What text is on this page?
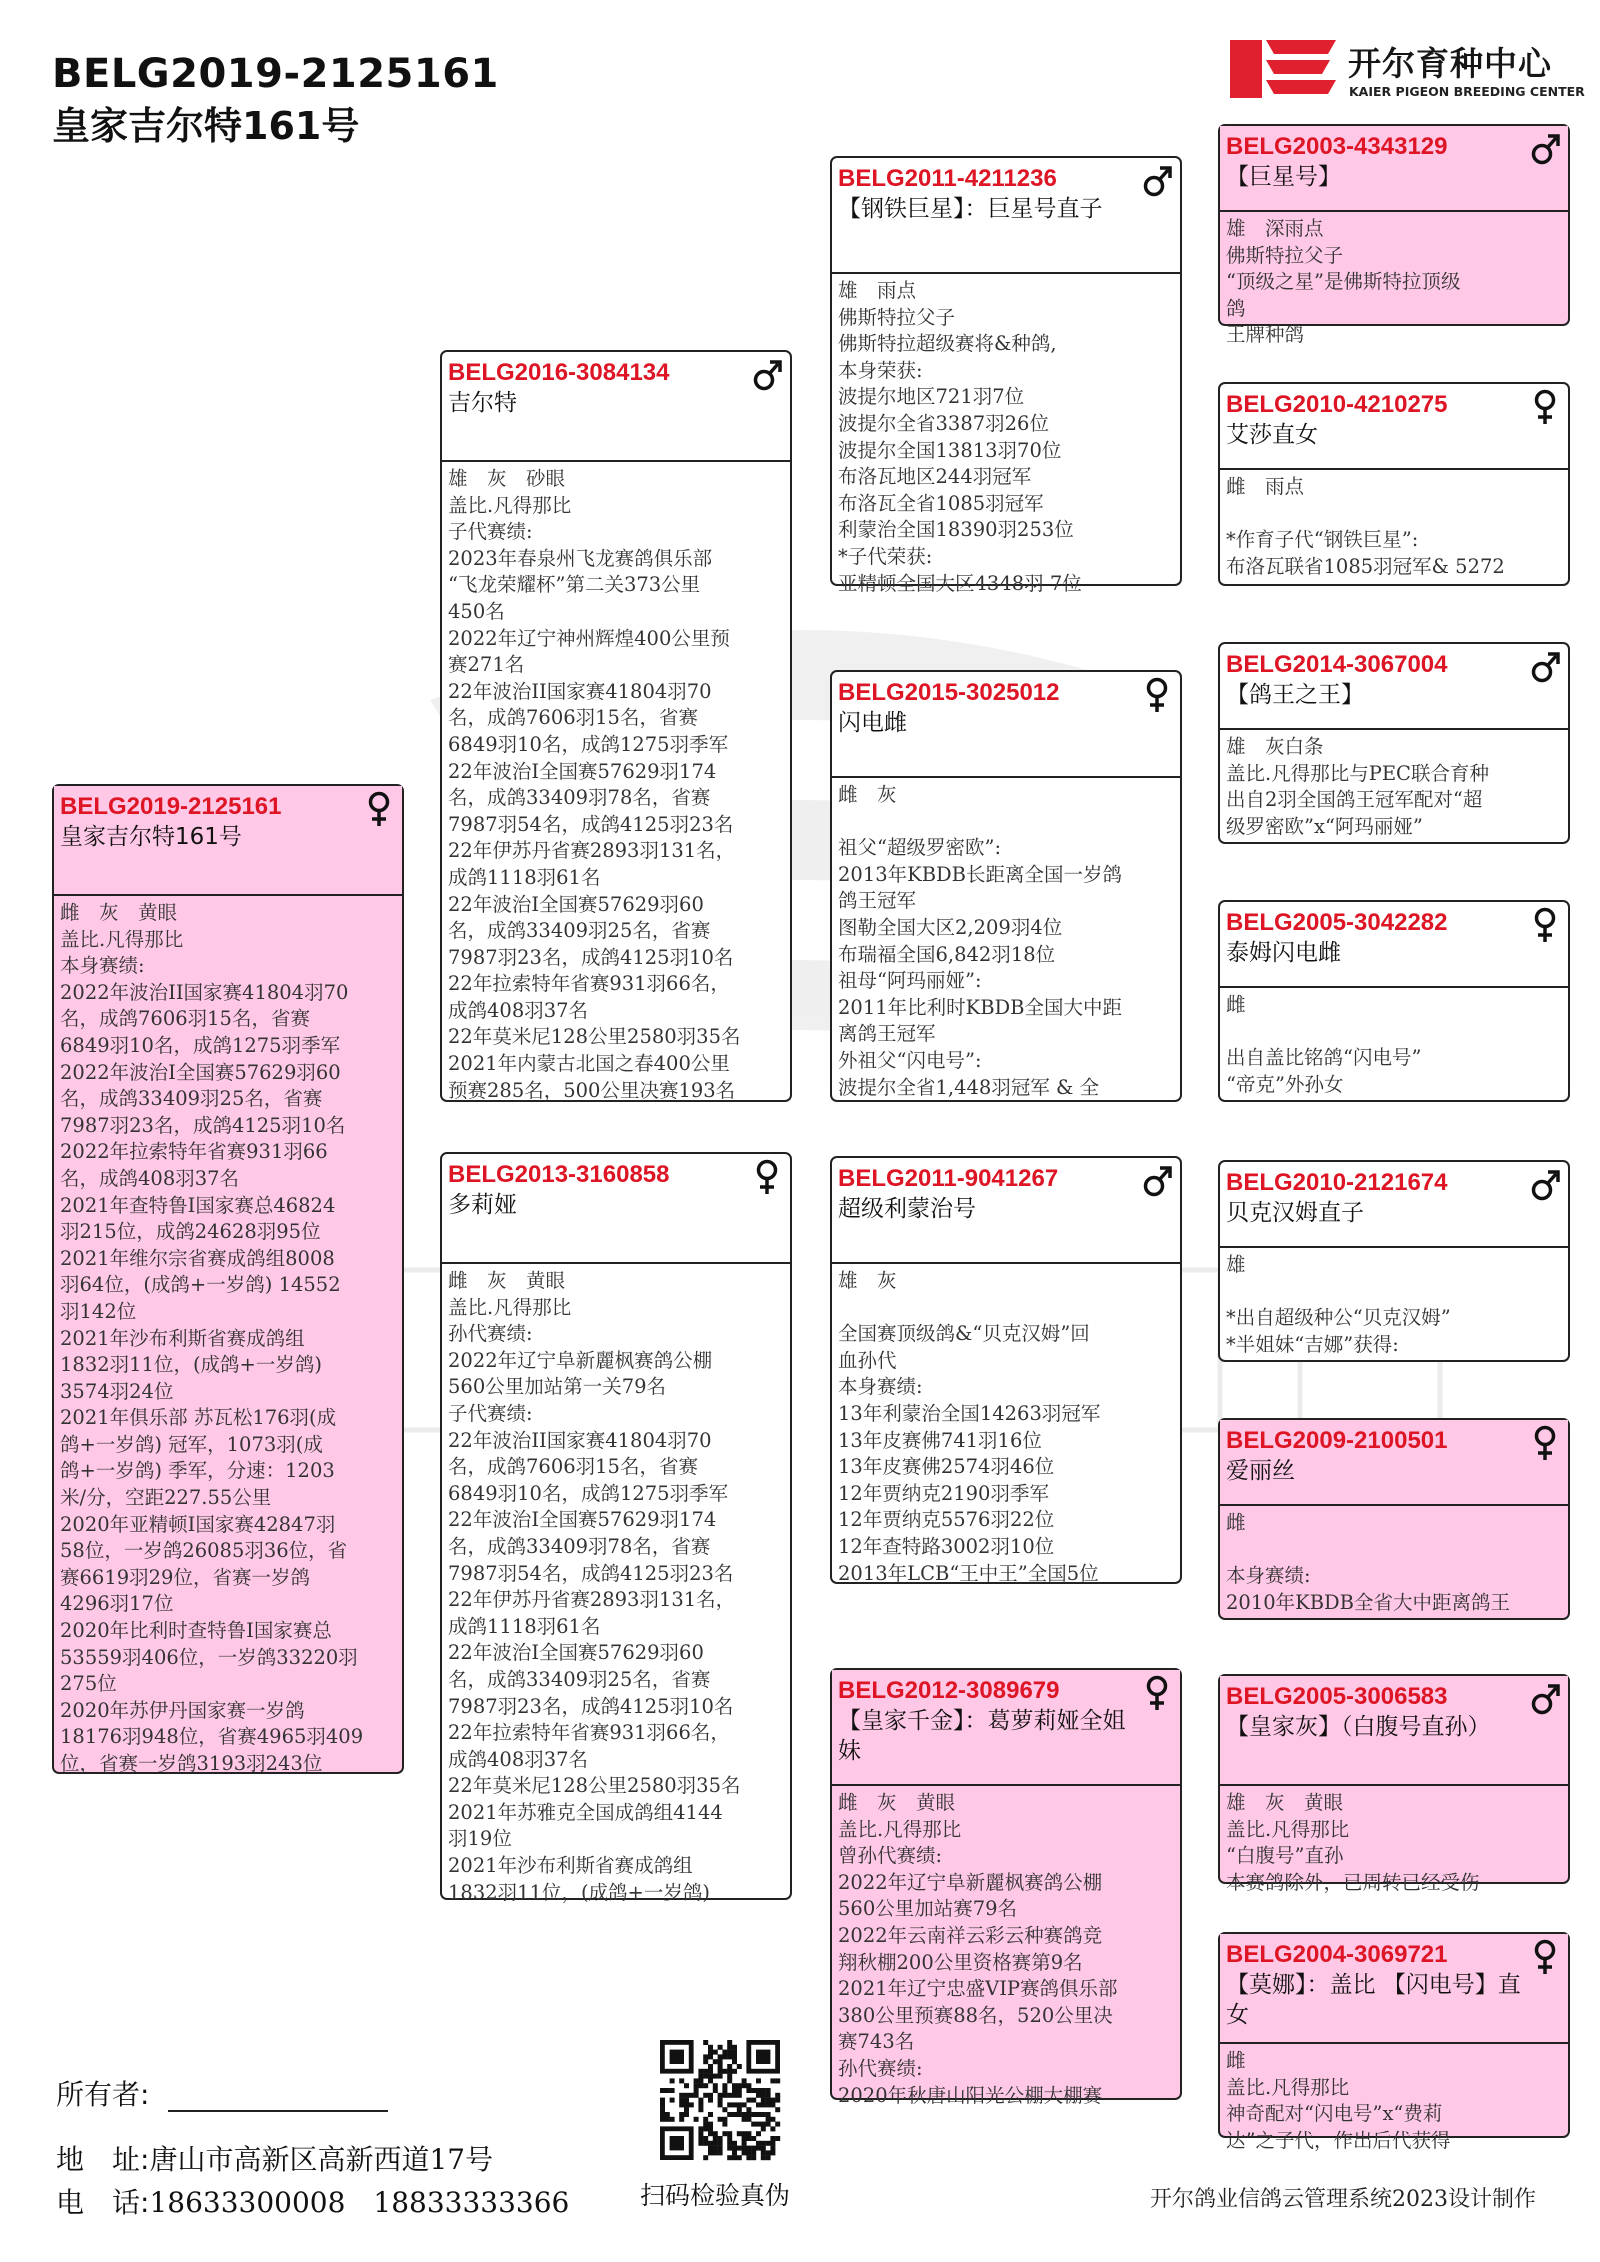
BELG2019-2125161
皇家吉尔特161号
开尔育种中心
KAIER PIGEON BREEDING CENTER
BELG2019-2125161
皇家吉尔特161号

雌　灰　黄眼

盖比.凡得那比

本身赛绩:

2022年波治II国家赛41804羽70

名，成鸽7606羽15名，省赛

6849羽10名，成鸽1275羽季军

2022年波治I全国赛57629羽60

名，成鸽33409羽25名，省赛

7987羽23名，成鸽4125羽10名

2022年拉索特年省赛931羽66

名，成鸽408羽37名

2021年查特鲁I国家赛总46824

羽215位，成鸽24628羽95位

2021年维尔宗省赛成鸽组8008

羽64位，(成鸽+一岁鸽) 14552

羽142位

2021年沙布利斯省赛成鸽组

1832羽11位，(成鸽+一岁鸽)

3574羽24位

2021年俱乐部 苏瓦松176羽(成

鸽+一岁鸽) 冠军，1073羽(成

鸽+一岁鸽) 季军，分速：1203

米/分，空距227.55公里

2020年亚精顿I国家赛42847羽

58位，一岁鸽26085羽36位，省

赛6619羽29位，省赛一岁鸽

4296羽17位

2020年比利时查特鲁I国家赛总

53559羽406位，一岁鸽33220羽

275位

2020年苏伊丹国家赛一岁鸽

18176羽948位，省赛4965羽409

位，省赛一岁鸽3193羽243位

BELG2016-3084134
吉尔特

雄　灰　砂眼

盖比.凡得那比

子代赛绩:

2023年春泉州飞龙赛鸽俱乐部

“飞龙荣耀杯”第二关373公里

450名

2022年辽宁神州辉煌400公里预

赛271名

22年波治II国家赛41804羽70

名，成鸽7606羽15名，省赛

6849羽10名，成鸽1275羽季军

22年波治I全国赛57629羽174

名，成鸽33409羽78名，省赛

7987羽54名，成鸽4125羽23名

22年伊苏丹省赛2893羽131名，

成鸽1118羽61名

22年波治I全国赛57629羽60

名，成鸽33409羽25名，省赛

7987羽23名，成鸽4125羽10名

22年拉索特年省赛931羽66名，

成鸽408羽37名

22年莫米尼128公里2580羽35名

2021年内蒙古北国之春400公里

预赛285名，500公里决赛193名

BELG2013-3160858
多莉娅

雌　灰　黄眼

盖比.凡得那比

孙代赛绩:

2022年辽宁阜新麗枫赛鸽公棚

560公里加站第一关79名

子代赛绩:

22年波治II国家赛41804羽70

名，成鸽7606羽15名，省赛

6849羽10名，成鸽1275羽季军

22年波治I全国赛57629羽174

名，成鸽33409羽78名，省赛

7987羽54名，成鸽4125羽23名

22年伊苏丹省赛2893羽131名，

成鸽1118羽61名

22年波治I全国赛57629羽60

名，成鸽33409羽25名，省赛

7987羽23名，成鸽4125羽10名

22年拉索特年省赛931羽66名，

成鸽408羽37名

22年莫米尼128公里2580羽35名

2021年苏雅克全国成鸽组4144

羽19位

2021年沙布利斯省赛成鸽组

1832羽11位，(成鸽+一岁鸽)

BELG2011-4211236
【钢铁巨星】：巨星号直子

雄　雨点

佛斯特拉父子

佛斯特拉超级赛将&种鸽,

本身荣获:

波提尔地区721羽7位

波提尔全省3387羽26位

波提尔全国13813羽70位

布洛瓦地区244羽冠军

布洛瓦全省1085羽冠军

利蒙治全国18390羽253位

*子代荣获:

亚精顿全国大区4348羽 7位

BELG2015-3025012
闪电雌

雌　灰

祖父“超级罗密欧”:

2013年KBDB长距离全国一岁鸽

鸽王冠军

图勒全国大区2,209羽4位

布瑞福全国6,842羽18位

祖母“阿玛丽娅”:

2011年比利时KBDB全国大中距

离鸽王冠军

外祖父“闪电号”:

波提尔全省1,448羽冠军 & 全

BELG2011-9041267
超级利蒙治号

雄　灰

全国赛顶级鸽&“贝克汉姆”回

血孙代

本身赛绩:

13年利蒙治全国14263羽冠军

13年皮赛佛741羽16位

13年皮赛佛2574羽46位

12年贾纳克2190羽季军

12年贾纳克5576羽22位

12年查特路3002羽10位

2013年LCB“王中王”全国5位

BELG2012-3089679
【皇家千金】：葛萝莉娅全姐妹

雌　灰　黄眼

盖比.凡得那比

曾孙代赛绩:

2022年辽宁阜新麗枫赛鸽公棚

560公里加站赛79名

2022年云南祥云彩云种赛鸽竞

翔秋棚200公里资格赛第9名

2021年辽宁忠盛VIP赛鸽俱乐部

380公里预赛88名，520公里决

赛743名

孙代赛绩:

2020年秋唐山阳光公棚大棚赛

BELG2003-4343129
【巨星号】

雄　深雨点

佛斯特拉父子

“顶级之星”是佛斯特拉顶级

鸽

王牌种鸽

BELG2010-4210275
艾莎直女

雌　雨点

*作育子代“钢铁巨星”:

布洛瓦联省1085羽冠军& 5272

BELG2014-3067004
【鸽王之王】

雄　灰白条

盖比.凡得那比与PEC联合育种

出自2羽全国鸽王冠军配对“超

级罗密欧”x“阿玛丽娅”

BELG2005-3042282
泰姆闪电雌

雌

出自盖比铭鸽“闪电号”

“帝克”外孙女

BELG2010-2121674
贝克汉姆直子

雄

*出自超级种公“贝克汉姆”

*半姐妹“吉娜”获得:

BELG2009-2100501
爱丽丝

雌

本身赛绩:

2010年KBDB全省大中距离鸽王

BELG2005-3006583
【皇家灰】（白腹号直孙）

雄　灰　黄眼

盖比.凡得那比

“白腹号”直孙

本赛鸽除外，已周转已经受伤

BELG2004-3069721
【莫娜】：盖比 【闪电号】直女

雌

盖比.凡得那比

神奇配对“闪电号”x“费莉

达”之子代，作出后代获得

所有者:
地　址:唐山市高新区高新西道17号
电　话:18633300008　18833333366	扫码检验真伪	开尔鸽业信鸽云管理系统2023设计制作
